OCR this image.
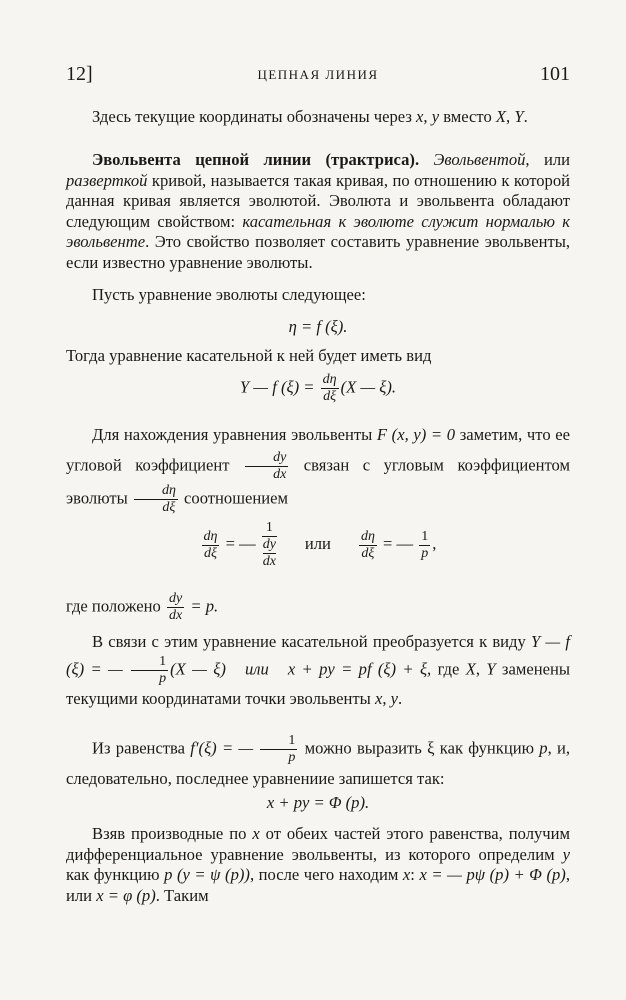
12]	ЦЕПНАЯ ЛИНИЯ	101
Здесь текущие координаты обозначены через x, y вместо X, Y.
Эвольвента цепной линии (трактриса). Эвольвентой, или разверткой кривой, называется такая кривая, по отношению к которой данная кривая является эволютой. Эволюта и эвольвента обладают следующим свойством: касательная к эволюте служит нормалью к эвольвенте. Это свойство позволяет составить уравнение эвольвенты, если известно уравнение эволюты.
Пусть уравнение эволюты следующее:
η = f (ξ).
Тогда уравнение касательной к ней будет иметь вид
Y — f $(\xi) = \frac{d\eta}{d\xi} (X$ — ξ).
Для нахождения уравнения эвольвенты F (x, y) = 0 заметим, что ее угловой коэффициент $\frac{dy}{dx}$ связан с угловым коэффициентом эволюты $\frac{d\eta}{d\xi}$ соотношением
$\frac{d\eta}{d\xi}$ = — $\frac{1}{\frac{dy}{dx}}$ или $\frac{d\eta}{d\xi}$ = — $\frac{1}{p}$ ,
где положено $\frac{dy}{dx} = p$.
В связи с этим уравнение касательной преобразуется к виду Y — f (ξ) = — $\frac{1}{p} (X$ — ξ) или x + py = pf (ξ) + ξ, где X, Y заменены текущими координатами точки эвольвенты x, y.
Из равенства f′(ξ) = — $\frac{1}{p}$ можно выразить ξ как функцию p, и, следовательно, последнее уравнениие запишется так:
x + py = Φ (p).
Взяв производные по x от обеих частей этого равенства, получим дифференциальное уравнение эвольвенты, из которого определим y как функцию p (y = ψ (p)), после чего находим x: x = — pψ (p) + Φ (p), или x = φ (p). Таким
